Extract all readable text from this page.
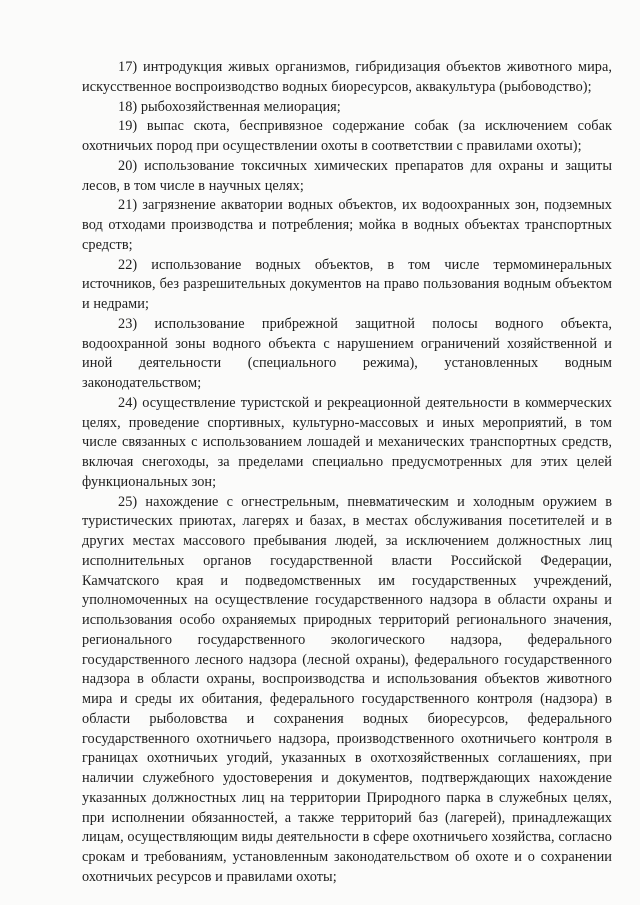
17) интродукция живых организмов, гибридизация объектов животного мира, искусственное воспроизводство водных биоресурсов, аквакультура (рыбоводство);

18) рыбохозяйственная мелиорация;

19) выпас скота, беспривязное содержание собак (за исключением собак охотничьих пород при осуществлении охоты в соответствии с правилами охоты);

20) использование токсичных химических препаратов для охраны и защиты лесов, в том числе в научных целях;

21) загрязнение акватории водных объектов, их водоохранных зон, подземных вод отходами производства и потребления; мойка в водных объектах транспортных средств;

22) использование водных объектов, в том числе термоминеральных источников, без разрешительных документов на право пользования водным объектом и недрами;

23) использование прибрежной защитной полосы водного объекта, водоохранной зоны водного объекта с нарушением ограничений хозяйственной и иной деятельности (специального режима), установленных водным законодательством;

24) осуществление туристской и рекреационной деятельности в коммерческих целях, проведение спортивных, культурно-массовых и иных мероприятий, в том числе связанных с использованием лошадей и механических транспортных средств, включая снегоходы, за пределами специально предусмотренных для этих целей функциональных зон;

25) нахождение с огнестрельным, пневматическим и холодным оружием в туристических приютах, лагерях и базах, в местах обслуживания посетителей и в других местах массового пребывания людей, за исключением должностных лиц исполнительных органов государственной власти Российской Федерации, Камчатского края и подведомственных им государственных учреждений, уполномоченных на осуществление государственного надзора в области охраны и использования особо охраняемых природных территорий регионального значения, регионального государственного экологического надзора, федерального государственного лесного надзора (лесной охраны), федерального государственного надзора в области охраны, воспроизводства и использования объектов животного мира и среды их обитания, федерального государственного контроля (надзора) в области рыболовства и сохранения водных биоресурсов, федерального государственного охотничьего надзора, производственного охотничьего контроля в границах охотничьих угодий, указанных в охотхозяйственных соглашениях, при наличии служебного удостоверения и документов, подтверждающих нахождение указанных должностных лиц на территории Природного парка в служебных целях, при исполнении обязанностей, а также территорий баз (лагерей), принадлежащих лицам, осуществляющим виды деятельности в сфере охотничьего хозяйства, согласно срокам и требованиям, установленным законодательством об охоте и о сохранении охотничьих ресурсов и правилами охоты;
